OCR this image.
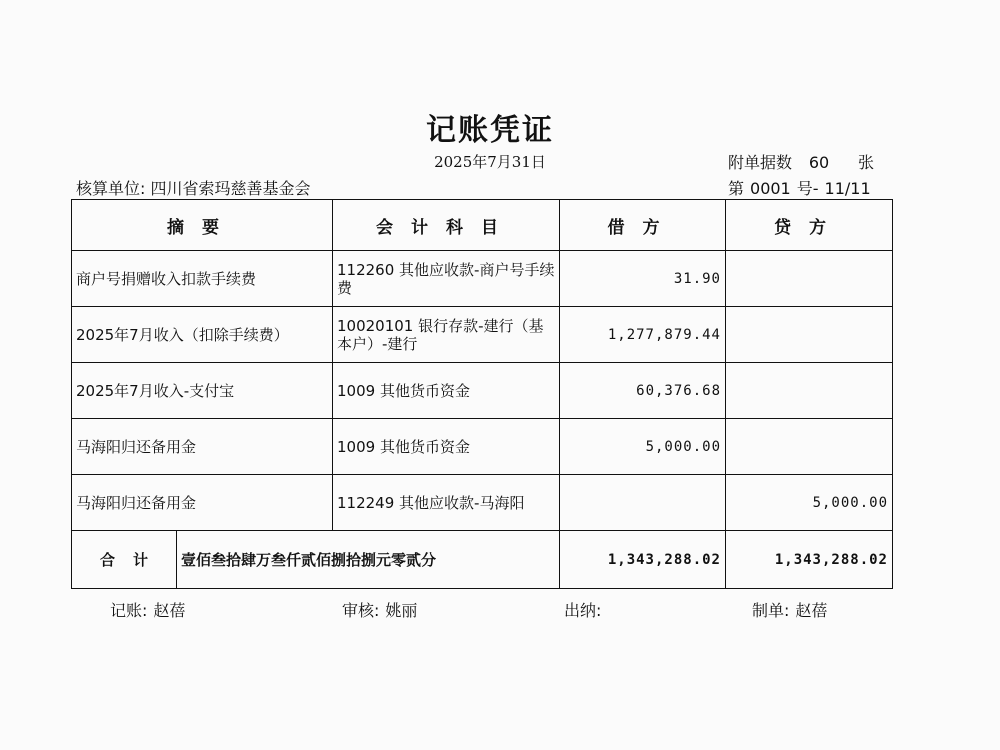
记账凭证
2025年7月31日	附单据数 60 张
核算单位: 四川省索玛慈善基金会	第 0001 号- 11/11
摘要	会计科目	借方	贷方
商户号捐赠收入扣款手续费	112260 其他应收款-商户号手续费	31.90	
2025年7月收入（扣除手续费）	10020101 银行存款-建行（基本户）-建行	1,277,879.44	
2025年7月收入-支付宝	1009 其他货币资金	60,376.68	
马海阳归还备用金	1009 其他货币资金	5,000.00	
马海阳归还备用金	112249 其他应收款-马海阳		5,000.00

合计 壹佰叁拾肆万叁仟贰佰捌拾捌元零贰分		1,343,288.02	1,343,288.02
记账: 赵蓓	审核: 姚丽	出纳:	制单: 赵蓓
